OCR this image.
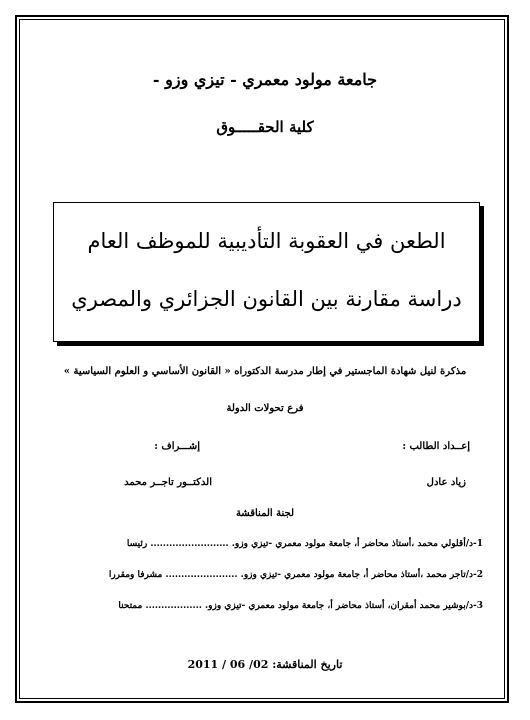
جامعة مولود معمري - تيزي وزو -
كلية الحقـــــوق
الطعن في العقوبة التأديبية للموظف العام
دراسة مقارنة بين القانون الجزائري والمصري
مذكرة لنيل شهادة الماجستير في إطار مدرسة الدكتوراه « القانون الأساسي و العلوم السياسية »
فرع تحولات الدولة
إعــداد الطالب :
إشـــراف :
زياد عادل
الدكتــور تاجــر محمد
لجنة المناقشة
1-د/أقلولي محمد ،أستاذ محاضر أ، جامعة مولود معمري -تيزي وزو. ......................... رئيسا
2-د/تاجر محمد ،أستاذ محاضر أ، جامعة مولود معمري -تيزي وزو. ....................... مشرفا ومقررا
3-د/بوشير محمد أمقران، أستاذ محاضر أ، جامعة مولود معمري -تيزي وزو. .................. ممتحنا
تاريخ المناقشة: 02/ 06 / 2011
